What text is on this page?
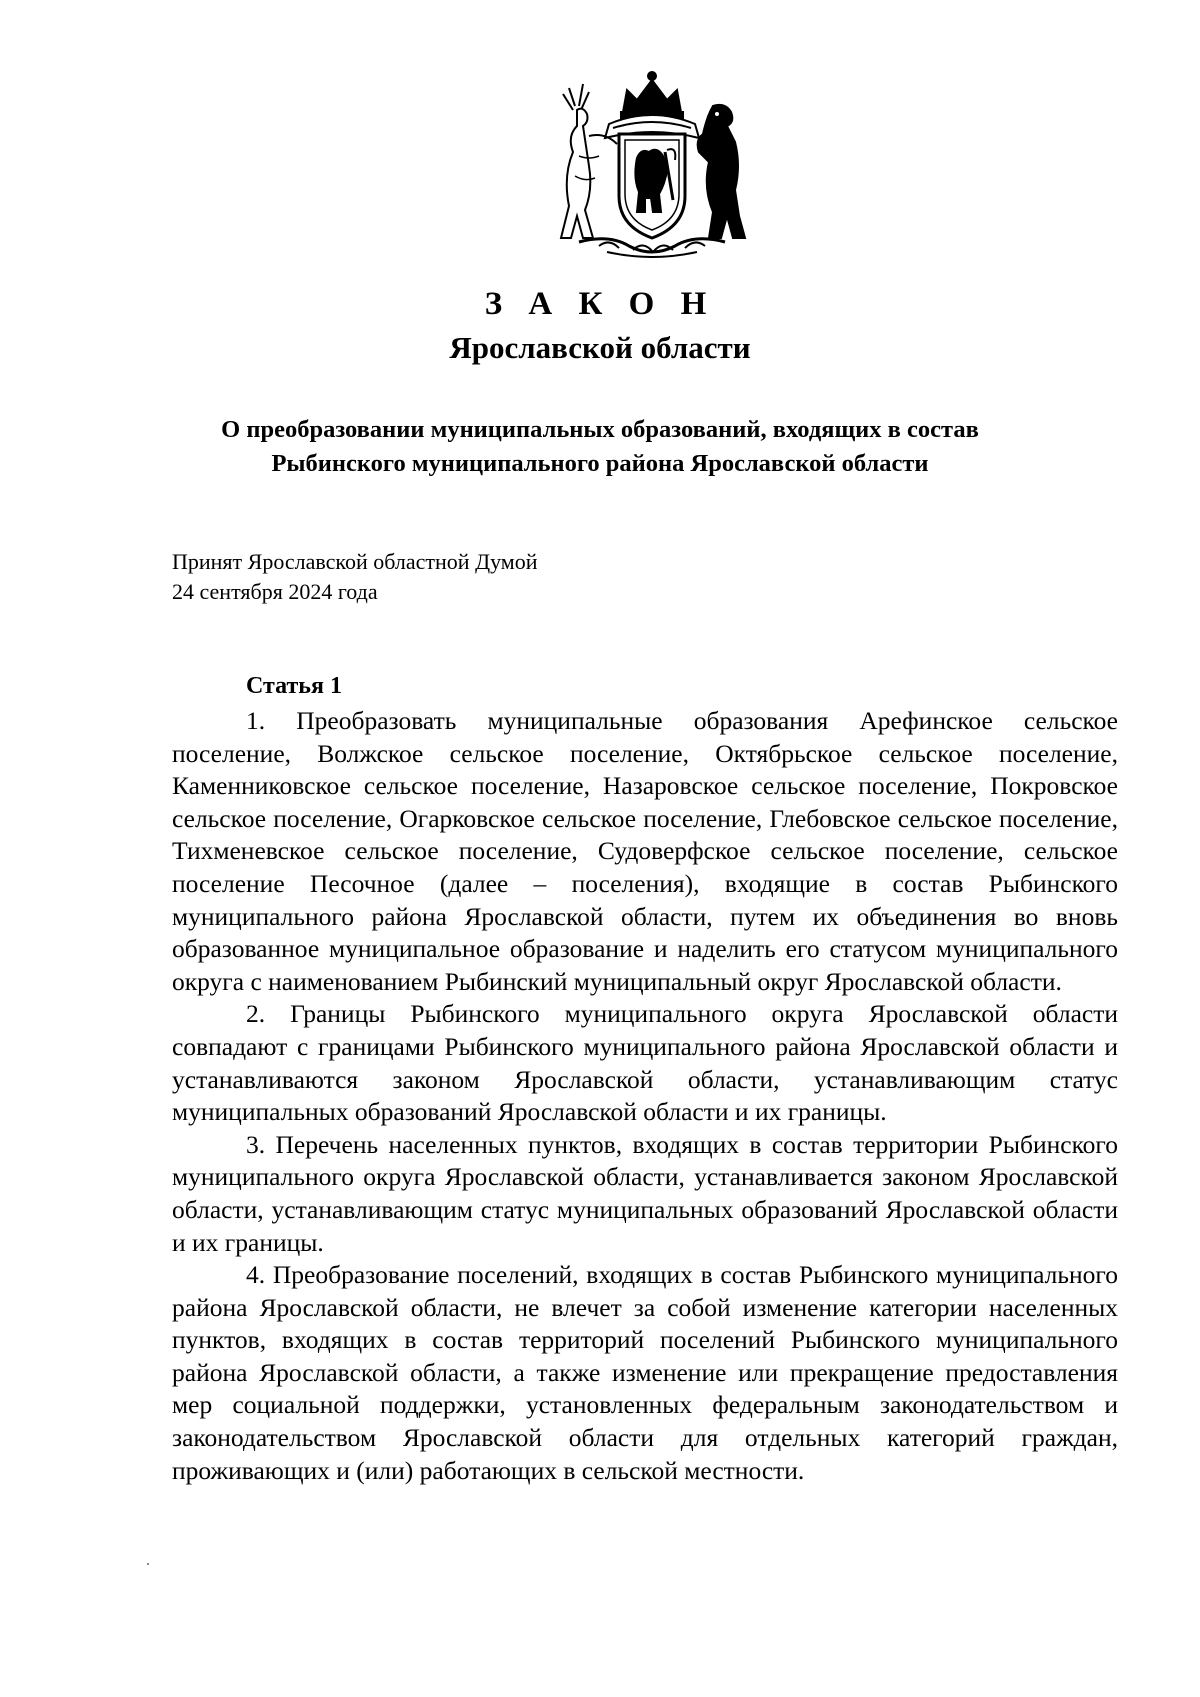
З А К О Н
Ярославской области
О преобразовании муниципальных образований, входящих в состав
Рыбинского муниципального района Ярославской области
Принят Ярославской областной Думой
24 сентября 2024 года
Статья 1

1. Преобразовать муниципальные образования Арефинское сельское поселение, Волжское сельское поселение, Октябрьское сельское поселение, Каменниковское сельское поселение, Назаровское сельское поселение, Покровское сельское поселение, Огарковское сельское поселение, Глебовское сельское поселение, Тихменевское сельское поселение, Судоверфское сельское поселение, сельское поселение Песочное (далее – поселения), входящие в состав Рыбинского муниципального района Ярославской области, путем их объединения во вновь образованное муниципальное образование и наделить его статусом муниципального округа с наименованием Рыбинский муниципальный округ Ярославской области.

2. Границы Рыбинского муниципального округа Ярославской области совпадают с границами Рыбинского муниципального района Ярославской области и устанавливаются законом Ярославской области, устанавливающим статус муниципальных образований Ярославской области и их границы.

3. Перечень населенных пунктов, входящих в состав территории Рыбинского муниципального округа Ярославской области, устанавливается законом Ярославской области, устанавливающим статус муниципальных образований Ярославской области и их границы.

4. Преобразование поселений, входящих в состав Рыбинского муниципального района Ярославской области, не влечет за собой изменение категории населенных пунктов, входящих в состав территорий поселений Рыбинского муниципального района Ярославской области, а также изменение или прекращение предоставления мер социальной поддержки, установленных федеральным законодательством и законодательством Ярославской области для отдельных категорий граждан, проживающих и (или) работающих в сельской местности.
